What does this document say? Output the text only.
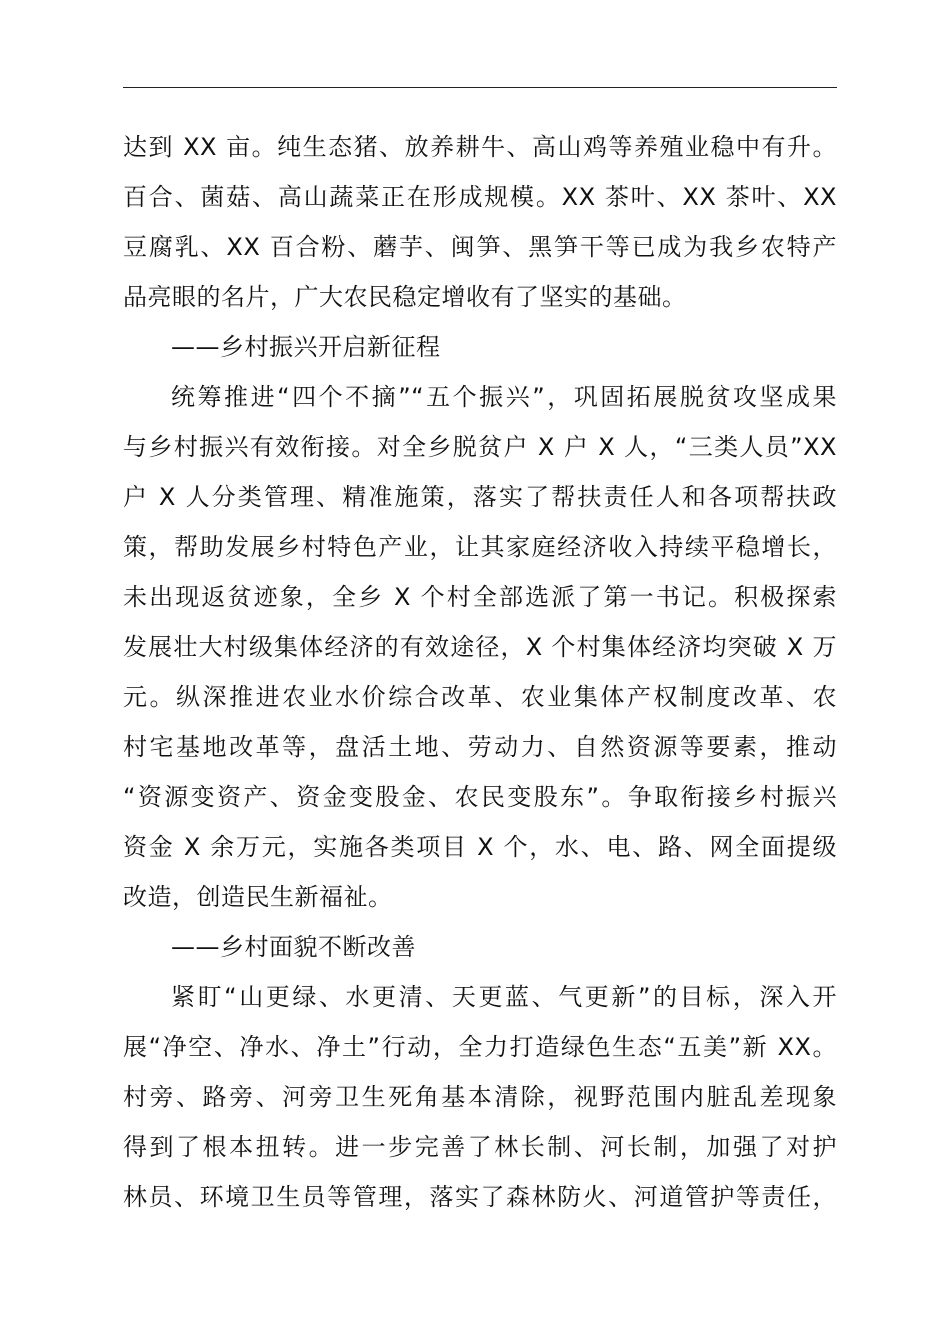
达到 XX 亩。纯生态猪、放养耕牛、高山鸡等养殖业稳中有升。
百合、菌菇、高山蔬菜正在形成规模。XX 茶叶、XX 茶叶、XX
豆腐乳、XX 百合粉、蘑芋、闽笋、黑笋干等已成为我乡农特产
品亮眼的名片，广大农民稳定增收有了坚实的基础。
——乡村振兴开启新征程
统筹推进“四个不摘”“五个振兴”，巩固拓展脱贫攻坚成果
与乡村振兴有效衔接。对全乡脱贫户 X 户 X 人，“三类人员”XX
户 X 人分类管理、精准施策，落实了帮扶责任人和各项帮扶政
策，帮助发展乡村特色产业，让其家庭经济收入持续平稳增长，
未出现返贫迹象，全乡 X 个村全部选派了第一书记。积极探索
发展壮大村级集体经济的有效途径，X 个村集体经济均突破 X 万
元。纵深推进农业水价综合改革、农业集体产权制度改革、农
村宅基地改革等，盘活土地、劳动力、自然资源等要素，推动
“资源变资产、资金变股金、农民变股东”。争取衔接乡村振兴
资金 X 余万元，实施各类项目 X 个，水、电、路、网全面提级
改造，创造民生新福祉。
——乡村面貌不断改善
紧盯“山更绿、水更清、天更蓝、气更新”的目标，深入开
展“净空、净水、净土”行动，全力打造绿色生态“五美”新 XX。
村旁、路旁、河旁卫生死角基本清除，视野范围内脏乱差现象
得到了根本扭转。进一步完善了林长制、河长制，加强了对护
林员、环境卫生员等管理，落实了森林防火、河道管护等责任，
